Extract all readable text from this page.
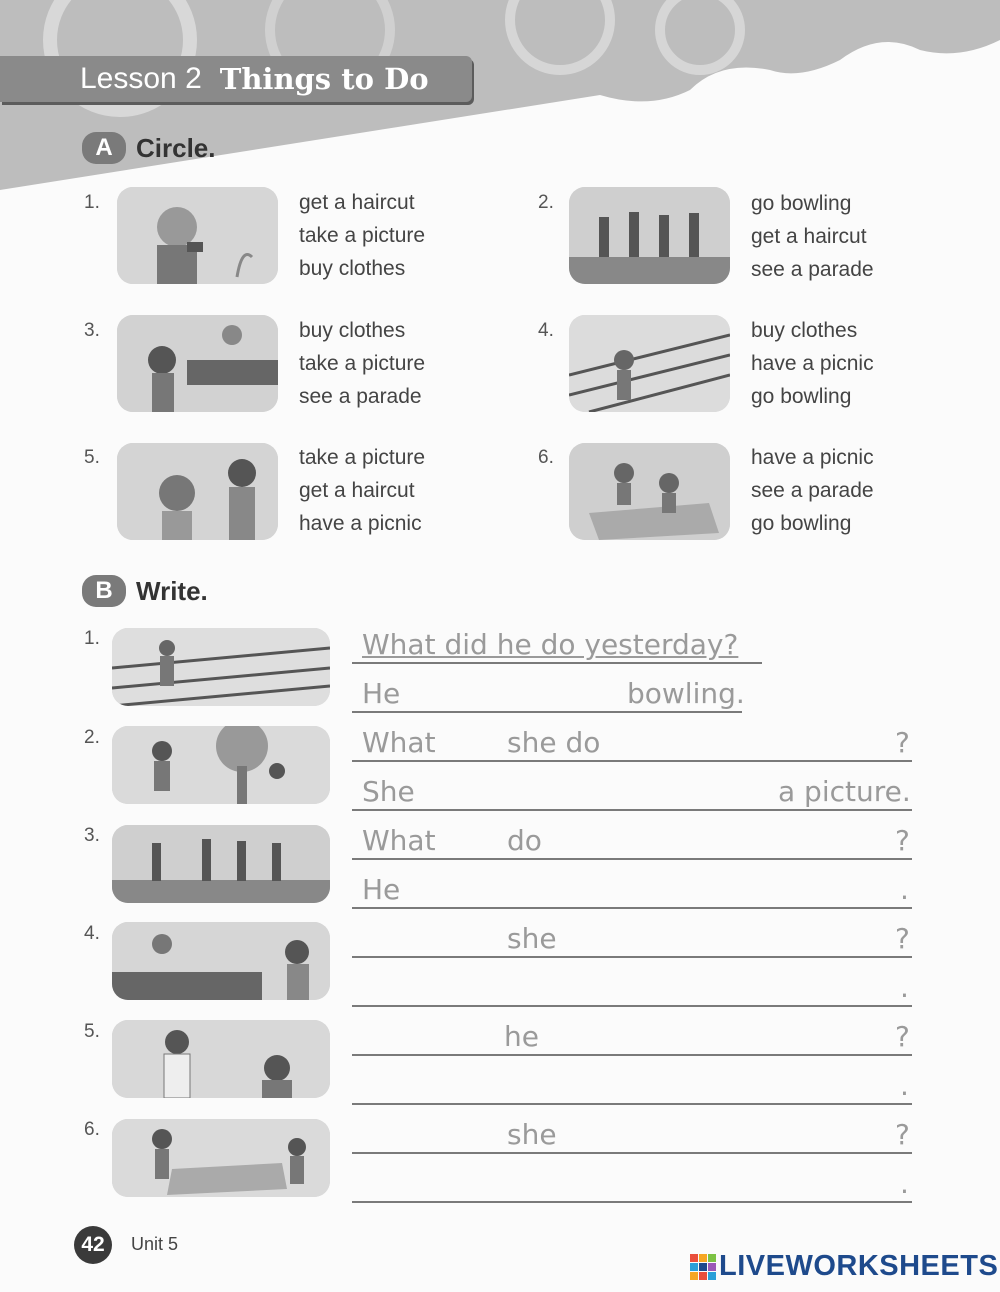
Lesson 2 Things to Do
A Circle.
1.	get a haircut
take a picture
buy clothes
2.	go bowling
get a haircut
see a parade
3.	buy clothes
take a picture
see a parade
4.	buy clothes
have a picnic
go bowling
5.	take a picture
get a haircut
have a picnic
6.	have a picnic
see a parade
go bowling
B Write.
1.	What did he do yesterday?
He	bowling.
2.	What	she do	?
She	a picture.
3.	What	do	?
He	.
4.	she	?
.
5.	he	?
.
6.	she	?
.
42	Unit 5
LIVEWORKSHEETS
